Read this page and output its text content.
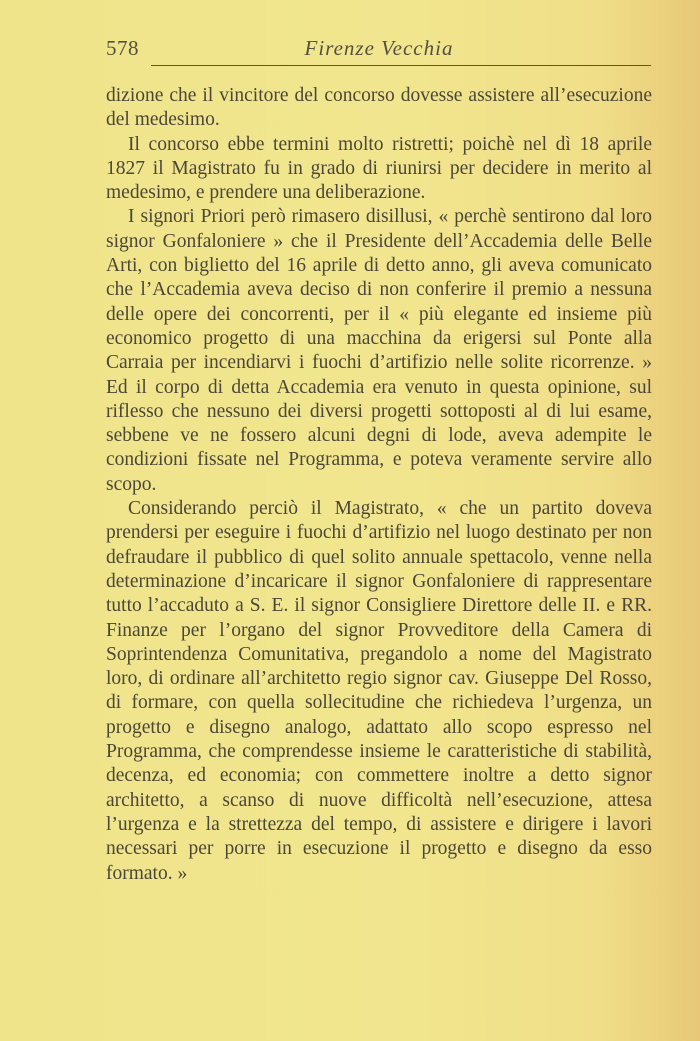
578	Firenze Vecchia

dizione che il vincitore del concorso dovesse assistere all’esecuzione del medesimo.

Il concorso ebbe termini molto ristretti; poichè nel dì 18 aprile 1827 il Magistrato fu in grado di riunirsi per decidere in merito al medesimo, e prendere una deliberazione.

I signori Priori però rimasero disillusi, « perchè sentirono dal loro signor Gonfaloniere » che il Presidente dell’Accademia delle Belle Arti, con biglietto del 16 aprile di detto anno, gli aveva comunicato che l’Accademia aveva deciso di non conferire il premio a nessuna delle opere dei concorrenti, per il « più elegante ed insieme più economico progetto di una macchina da erigersi sul Ponte alla Carraia per incendiarvi i fuochi d’artifizio nelle solite ricorrenze. » Ed il corpo di detta Accademia era venuto in questa opinione, sul riflesso che nessuno dei diversi progetti sottoposti al di lui esame, sebbene ve ne fossero alcuni degni di lode, aveva adempite le condizioni fissate nel Programma, e poteva veramente servire allo scopo.

Considerando perciò il Magistrato, « che un partito doveva prendersi per eseguire i fuochi d’artifizio nel luogo destinato per non defraudare il pubblico di quel solito annuale spettacolo, venne nella determinazione d’incaricare il signor Gonfaloniere di rappresentare tutto l’accaduto a S. E. il signor Consigliere Direttore delle II. e RR. Finanze per l’organo del signor Provveditore della Camera di Soprintendenza Comunitativa, pregandolo a nome del Magistrato loro, di ordinare all’architetto regio signor cav. Giuseppe Del Rosso, di formare, con quella sollecitudine che richiedeva l’urgenza, un progetto e disegno analogo, adattato allo scopo espresso nel Programma, che comprendesse insieme le caratteristiche di stabilità, decenza, ed economia; con commettere inoltre a detto signor architetto, a scanso di nuove difficoltà nell’esecuzione, attesa l’urgenza e la strettezza del tempo, di assistere e dirigere i lavori necessari per porre in esecuzione il progetto e disegno da esso formato. »
